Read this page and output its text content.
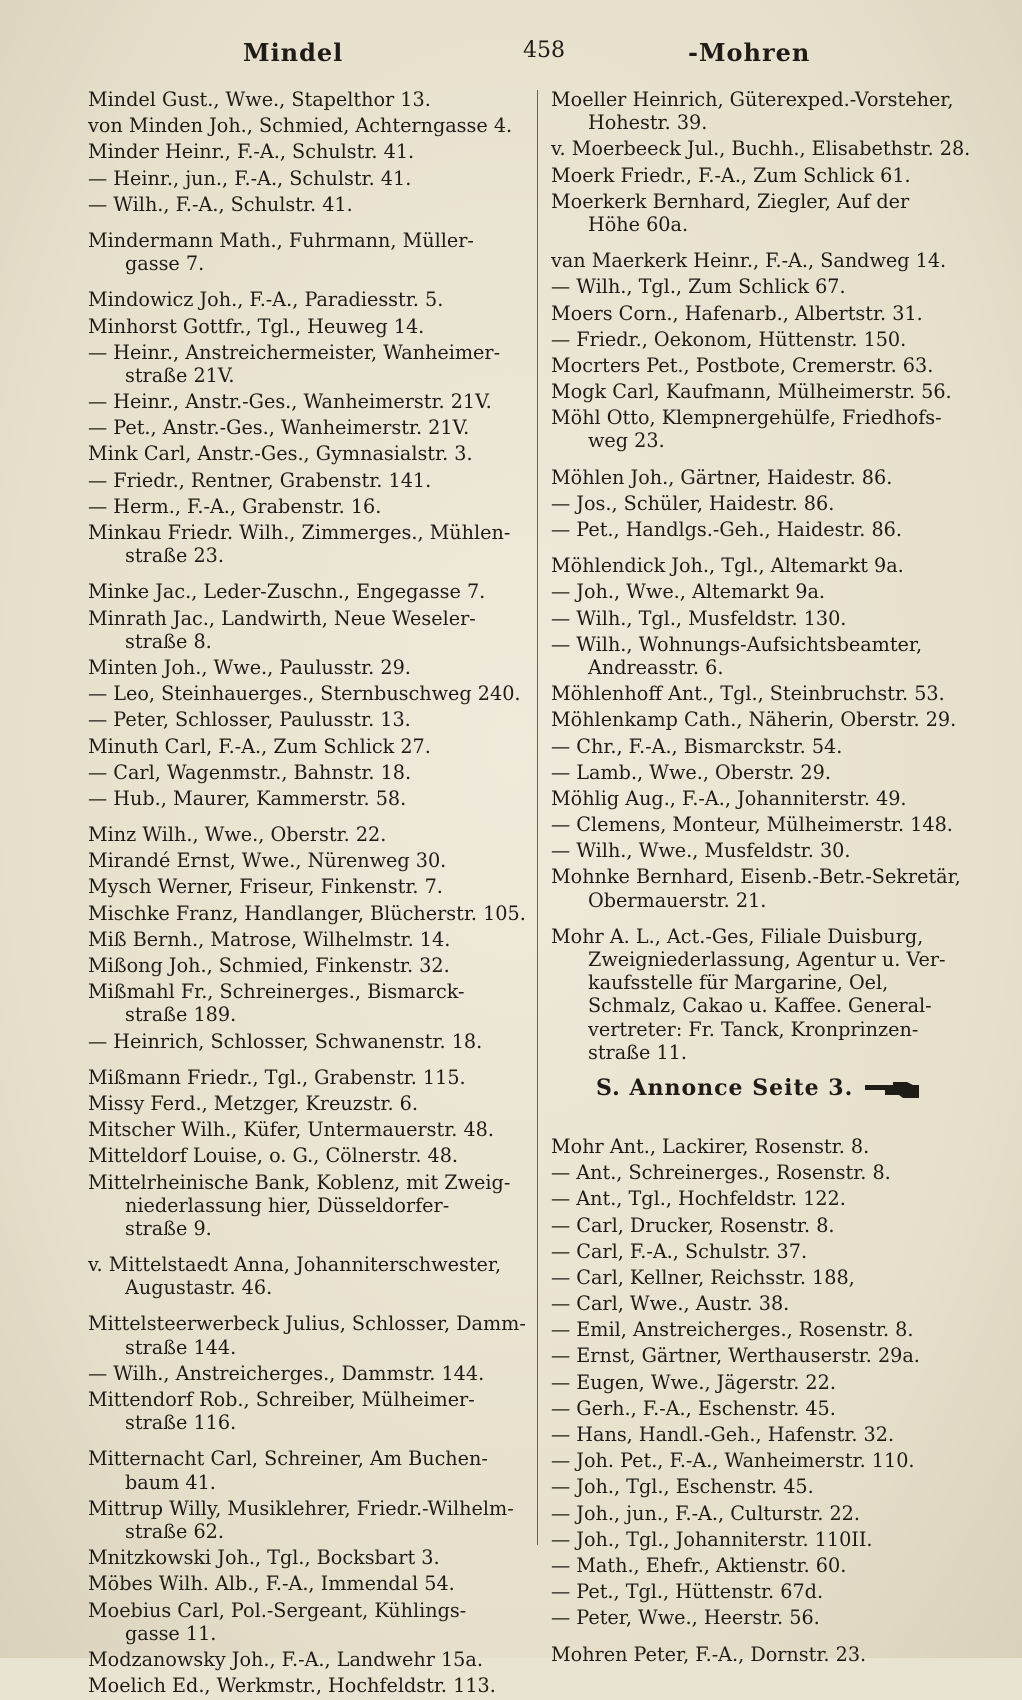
Mindel	458	-Mohren
Mindel Gust., Wwe., Stapelthor 13.
von Minden Joh., Schmied, Achterngasse 4.
Minder Heinr., F.-A., Schulstr. 41.
— Heinr., jun., F.-A., Schulstr. 41.
— Wilh., F.-A., Schulstr. 41.
Mindermann Math., Fuhrmann, Müller-
gasse 7.
Mindowicz Joh., F.-A., Paradiesstr. 5.
Minhorst Gottfr., Tgl., Heuweg 14.
— Heinr., Anstreichermeister, Wanheimer-
straße 21V.
— Heinr., Anstr.-Ges., Wanheimerstr. 21V.
— Pet., Anstr.-Ges., Wanheimerstr. 21V.
Mink Carl, Anstr.-Ges., Gymnasialstr. 3.
— Friedr., Rentner, Grabenstr. 141.
— Herm., F.-A., Grabenstr. 16.
Minkau Friedr. Wilh., Zimmerges., Mühlen-
straße 23.
Minke Jac., Leder-Zuschn., Engegasse 7.
Minrath Jac., Landwirth, Neue Weseler-
straße 8.
Minten Joh., Wwe., Paulusstr. 29.
— Leo, Steinhauerges., Sternbuschweg 240.
— Peter, Schlosser, Paulusstr. 13.
Minuth Carl, F.-A., Zum Schlick 27.
— Carl, Wagenmstr., Bahnstr. 18.
— Hub., Maurer, Kammerstr. 58.
Minz Wilh., Wwe., Oberstr. 22.
Mirandé Ernst, Wwe., Nürenweg 30.
Mysch Werner, Friseur, Finkenstr. 7.
Mischke Franz, Handlanger, Blücherstr. 105.
Miß Bernh., Matrose, Wilhelmstr. 14.
Mißong Joh., Schmied, Finkenstr. 32.
Mißmahl Fr., Schreinerges., Bismarck-
straße 189.
— Heinrich, Schlosser, Schwanenstr. 18.
Mißmann Friedr., Tgl., Grabenstr. 115.
Missy Ferd., Metzger, Kreuzstr. 6.
Mitscher Wilh., Küfer, Untermauerstr. 48.
Mitteldorf Louise, o. G., Cölnerstr. 48.
Mittelrheinische Bank, Koblenz, mit Zweig-
niederlassung hier, Düsseldorfer-
straße 9.
v. Mittelstaedt Anna, Johanniterschwester,
Augustastr. 46.
Mittelsteerwerbeck Julius, Schlosser, Damm-
straße 144.
— Wilh., Anstreicherges., Dammstr. 144.
Mittendorf Rob., Schreiber, Mülheimer-
straße 116.
Mitternacht Carl, Schreiner, Am Buchen-
baum 41.
Mittrup Willy, Musiklehrer, Friedr.-Wilhelm-
straße 62.
Mnitzkowski Joh., Tgl., Bocksbart 3.
Möbes Wilh. Alb., F.-A., Immendal 54.
Moebius Carl, Pol.-Sergeant, Kühlings-
gasse 11.
Modzanowsky Joh., F.-A., Landwehr 15a.
Moelich Ed., Werkmstr., Hochfeldstr. 113.
Moeller Heinrich, Güterexped.-Vorsteher,
Hohestr. 39.
v. Moerbeeck Jul., Buchh., Elisabethstr. 28.
Moerk Friedr., F.-A., Zum Schlick 61.
Moerkerk Bernhard, Ziegler, Auf der
Höhe 60a.
van Maerkerk Heinr., F.-A., Sandweg 14.
— Wilh., Tgl., Zum Schlick 67.
Moers Corn., Hafenarb., Albertstr. 31.
— Friedr., Oekonom, Hüttenstr. 150.
Mocrters Pet., Postbote, Cremerstr. 63.
Mogk Carl, Kaufmann, Mülheimerstr. 56.
Möhl Otto, Klempnergehülfe, Friedhofs-
weg 23.
Möhlen Joh., Gärtner, Haidestr. 86.
— Jos., Schüler, Haidestr. 86.
— Pet., Handlgs.-Geh., Haidestr. 86.
Möhlendick Joh., Tgl., Altemarkt 9a.
— Joh., Wwe., Altemarkt 9a.
— Wilh., Tgl., Musfeldstr. 130.
— Wilh., Wohnungs-Aufsichtsbeamter,
Andreasstr. 6.
Möhlenhoff Ant., Tgl., Steinbruchstr. 53.
Möhlenkamp Cath., Näherin, Oberstr. 29.
— Chr., F.-A., Bismarckstr. 54.
— Lamb., Wwe., Oberstr. 29.
Möhlig Aug., F.-A., Johanniterstr. 49.
— Clemens, Monteur, Mülheimerstr. 148.
— Wilh., Wwe., Musfeldstr. 30.
Mohnke Bernhard, Eisenb.-Betr.-Sekretär,
Obermauerstr. 21.
Mohr A. L., Act.-Ges, Filiale Duisburg,
Zweigniederlassung, Agentur u. Ver-
kaufsstelle für Margarine, Oel,
Schmalz, Cakao u. Kaffee. General-
vertreter: Fr. Tanck, Kronprinzen-
straße 11.
S. Annonce Seite 3.
Mohr Ant., Lackirer, Rosenstr. 8.
— Ant., Schreinerges., Rosenstr. 8.
— Ant., Tgl., Hochfeldstr. 122.
— Carl, Drucker, Rosenstr. 8.
— Carl, F.-A., Schulstr. 37.
— Carl, Kellner, Reichsstr. 188,
— Carl, Wwe., Austr. 38.
— Emil, Anstreicherges., Rosenstr. 8.
— Ernst, Gärtner, Werthauserstr. 29a.
— Eugen, Wwe., Jägerstr. 22.
— Gerh., F.-A., Eschenstr. 45.
— Hans, Handl.-Geh., Hafenstr. 32.
— Joh. Pet., F.-A., Wanheimerstr. 110.
— Joh., Tgl., Eschenstr. 45.
— Joh., jun., F.-A., Culturstr. 22.
— Joh., Tgl., Johanniterstr. 110II.
— Math., Ehefr., Aktienstr. 60.
— Pet., Tgl., Hüttenstr. 67d.
— Peter, Wwe., Heerstr. 56.
Mohren Peter, F.-A., Dornstr. 23.
